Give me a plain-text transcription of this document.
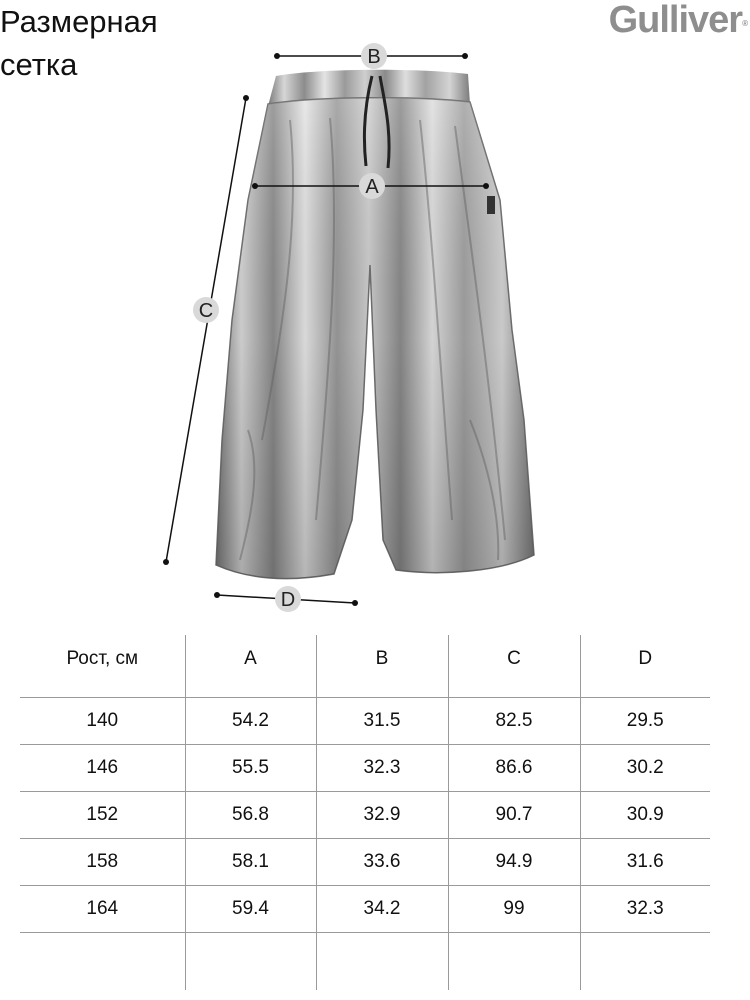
Размерная
сетка
Gulliver®
B
A
C
D
Рост, см	A	B	C	D
140	54.2	31.5	82.5	29.5
146	55.5	32.3	86.6	30.2
152	56.8	32.9	90.7	30.9
158	58.1	33.6	94.9	31.6
164	59.4	34.2	99	32.3
